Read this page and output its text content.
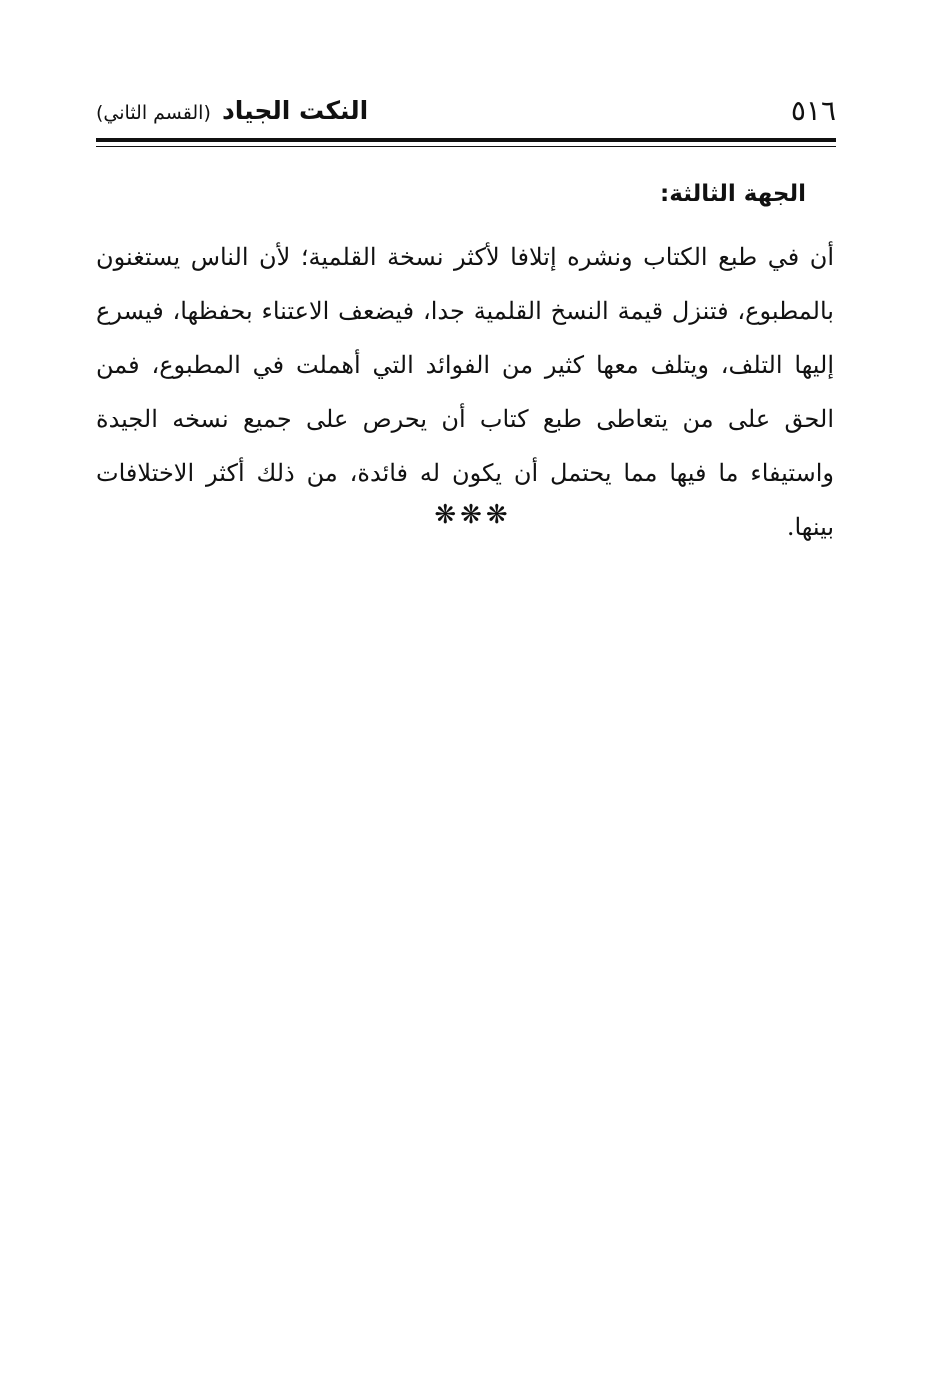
٥١٦
النكت الجياد (القسم الثاني)
الجهة الثالثة:

أن في طبع الكتاب ونشره إتلافا لأكثر نسخة القلمية؛ لأن الناس يستغنون بالمطبوع، فتنزل قيمة النسخ القلمية جدا، فيضعف الاعتناء بحفظها، فيسرع إليها التلف، ويتلف معها كثير من الفوائد التي أهملت في المطبوع، فمن الحق على من يتعاطى طبع كتاب أن يحرص على جميع نسخه الجيدة واستيفاء ما فيها مما يحتمل أن يكون له فائدة، من ذلك أكثر الاختلافات بينها.

❋❋❋
